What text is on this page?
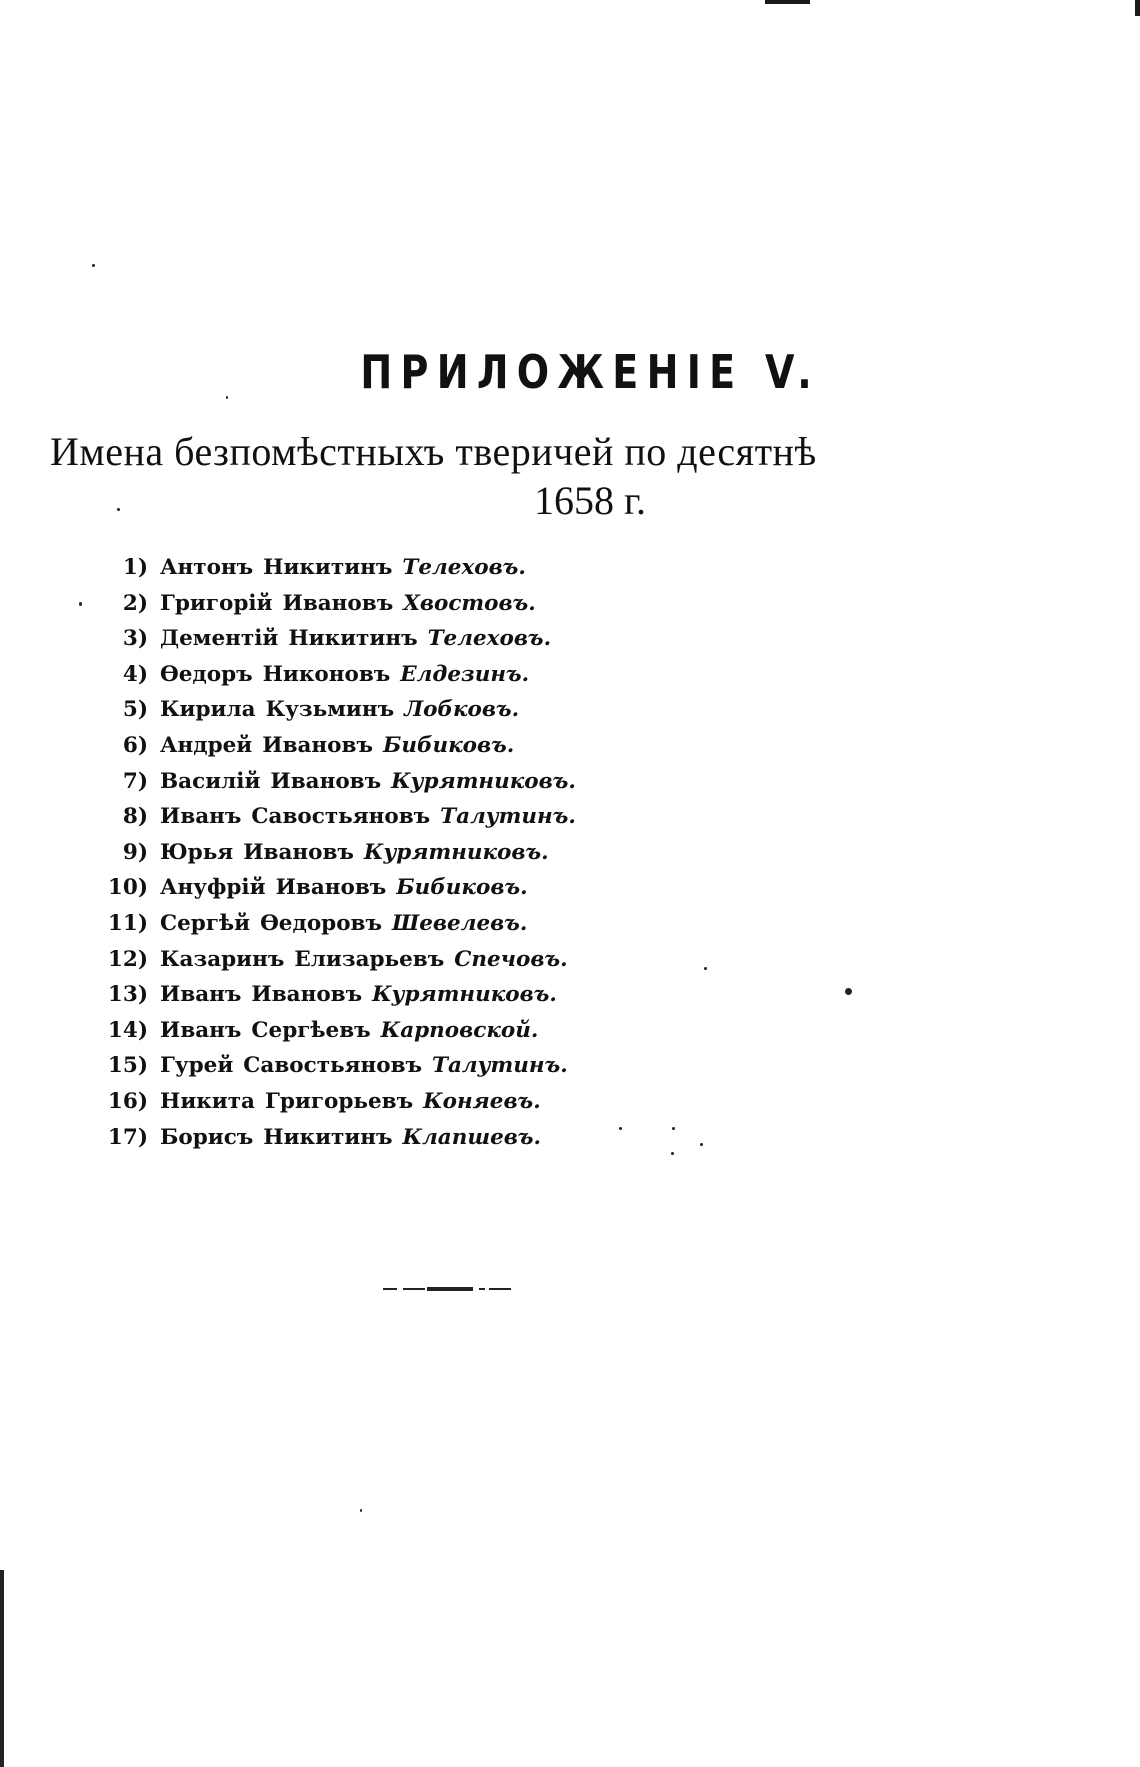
ПРИЛОЖЕНІЕ V.
Имена безпомѣстныхъ тверичей по десятнѣ
1658 г.
1) Антонъ Никитинъ Телеховъ.
2) Григорій Ивановъ Хвостовъ.
3) Дементій Никитинъ Телеховъ.
4) Ѳедоръ Никоновъ Елдезинъ.
5) Кирила Кузьминъ Лобковъ.
6) Андрей Ивановъ Бибиковъ.
7) Василій Ивановъ Курятниковъ.
8) Иванъ Савостьяновъ Талутинъ.
9) Юрья Ивановъ Курятниковъ.
10) Ануфрій Ивановъ Бибиковъ.
11) Сергѣй Ѳедоровъ Шевелевъ.
12) Казаринъ Елизарьевъ Спечовъ.
13) Иванъ Ивановъ Курятниковъ.
14) Иванъ Сергѣевъ Карповской.
15) Гурей Савостьяновъ Талутинъ.
16) Никита Григорьевъ Коняевъ.
17) Борисъ Никитинъ Клапшевъ.
